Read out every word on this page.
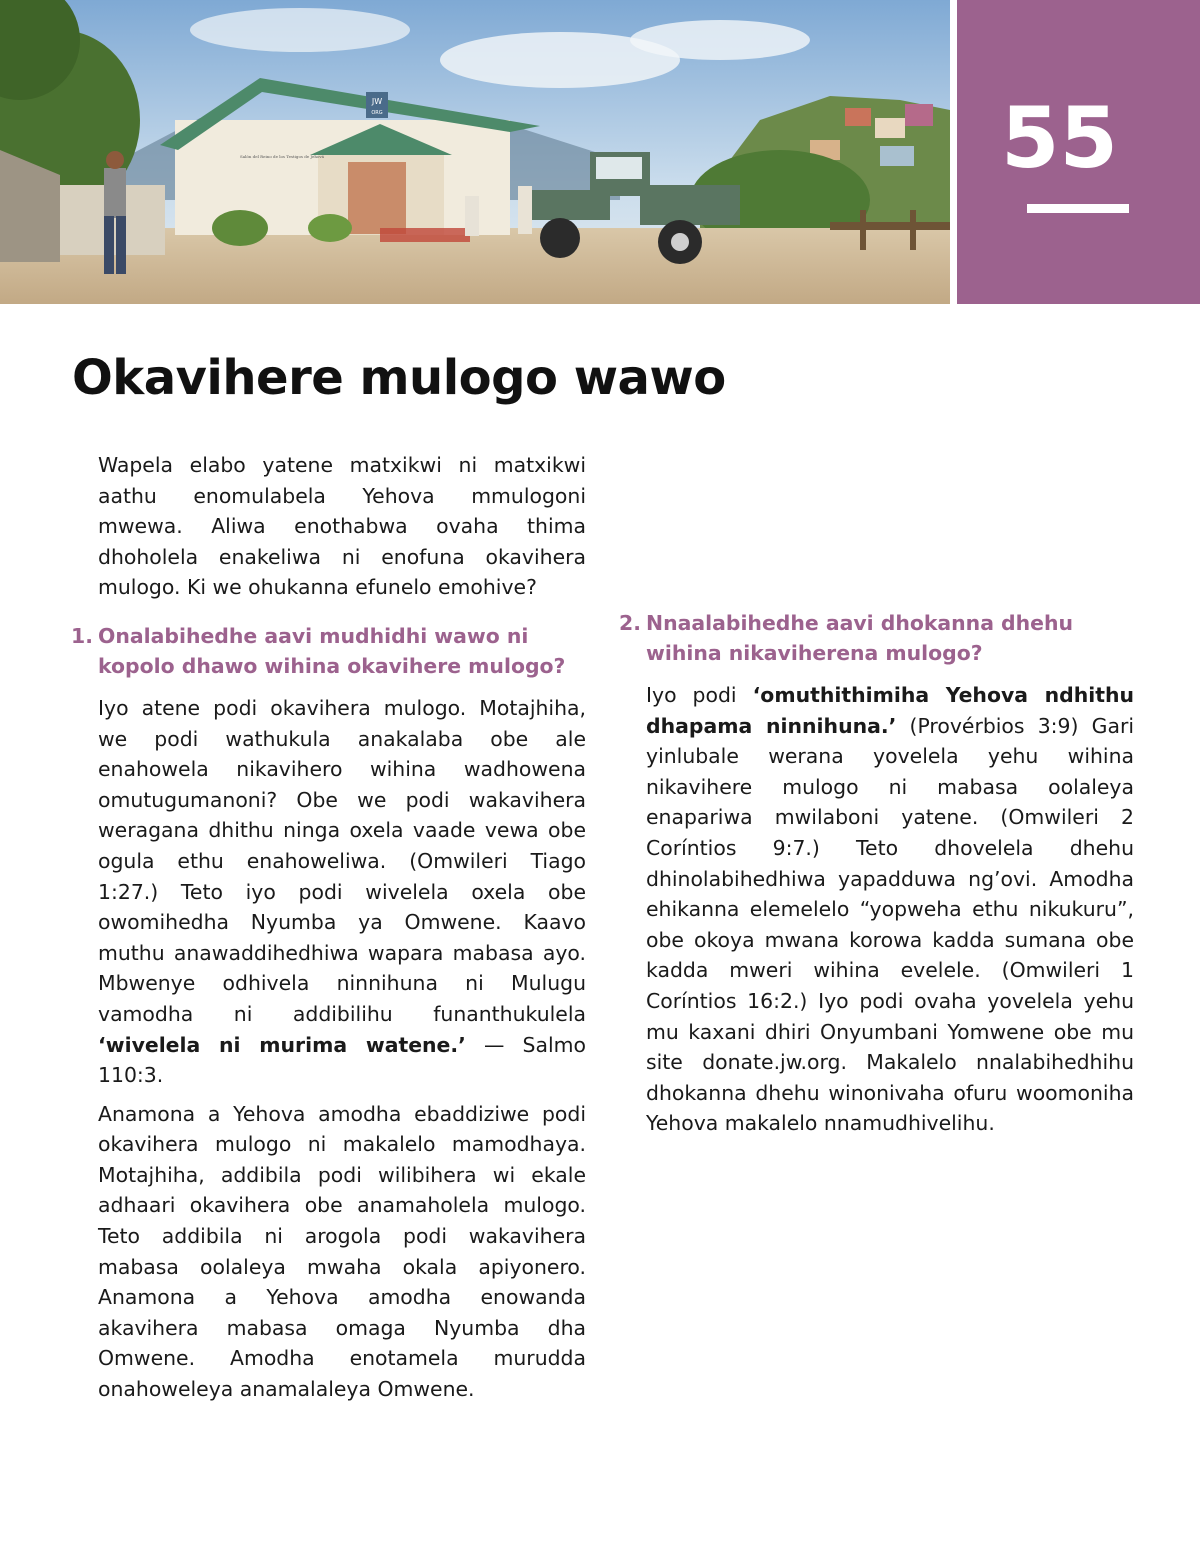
JW
ORG
Salón del Reino de los Testigos de Jehová	55
Okavihere mulogo wawo

Wapela elabo yatene matxikwi ni matxikwi aathu enomulabela Yehova mmulogoni mwewa. Aliwa enothabwa ovaha thima dhoholela enakeliwa ni enofuna okavihera mulogo. Ki we ohukanna efunelo emohive?

1. Onalabihedhe aavi mudhidhi wawo ni kopolo dhawo wihina okavihere mulogo?

Iyo atene podi okavihera mulogo. Motajhiha, we podi wathukula anakalaba obe ale enahowela nikavihero wihina wadhowena omutugumanoni? Obe we podi wakavihera weragana dhithu ninga oxela vaade vewa obe ogula ethu enahoweliwa. (Omwileri Tiago 1:27.) Teto iyo podi wivelela oxela obe owomihedha Nyumba ya Omwene. Kaavo muthu anawaddihedhiwa wapara mabasa ayo. Mbwenye odhivela ninnihuna ni Mulugu vamodha ni addibilihu funanthukulela ‘wivelela ni murima watene.’ — Salmo 110:3.

Anamona a Yehova amodha ebaddiziwe podi okavihera mulogo ni makalelo mamodhaya. Motajhiha, addibila podi wilibihera wi ekale adhaari okavihera obe anamaholela mulogo. Teto addibila ni arogola podi wakavihera mabasa oolaleya mwaha okala apiyonero. Anamona a Yehova amodha enowanda akavihera mabasa omaga Nyumba dha Omwene. Amodha enotamela murudda onahoweleya anamalaleya Omwene.

2. Nnaalabihedhe aavi dhokanna dhehu wihina nikaviherena mulogo?

Iyo podi ‘omuthithimiha Yehova ndhithu dhapama ninnihuna.’ (Provérbios 3:9) Gari yinlubale werana yovelela yehu wihina nikavihere mulogo ni mabasa oolaleya enapariwa mwilaboni yatene. (Omwileri 2 Coríntios 9:7.) Teto dhovelela dhehu dhinolabihedhiwa yapadduwa ng’ovi. Amodha ehikanna elemelelo “yopweha ethu nikukuru”, obe okoya mwana korowa kadda sumana obe kadda mweri wihina evelele. (Omwileri 1 Coríntios 16:2.) Iyo podi ovaha yovelela yehu mu kaxani dhiri Onyumbani Yomwene obe mu site donate.jw.org. Makalelo nnalabihedhihu dhokanna dhehu winonivaha ofuru woomoniha Yehova makalelo nnamudhivelihu.
